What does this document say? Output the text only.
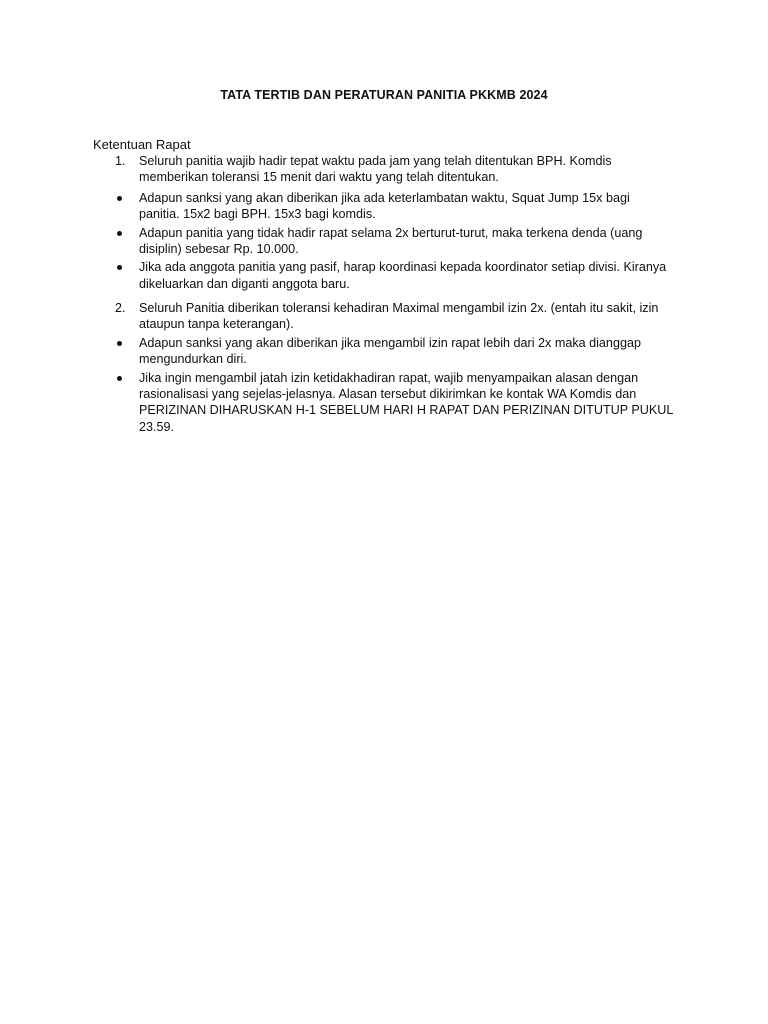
TATA TERTIB DAN PERATURAN PANITIA PKKMB 2024
Ketentuan Rapat
1.	Seluruh panitia wajib hadir tepat waktu pada jam yang telah ditentukan BPH. Komdis memberikan toleransi 15 menit dari waktu yang telah ditentukan.
Adapun sanksi yang akan diberikan jika ada keterlambatan waktu, Squat Jump 15x bagi panitia. 15x2 bagi BPH. 15x3 bagi komdis.
Adapun panitia yang tidak hadir rapat selama 2x berturut-turut, maka terkena denda (uang disiplin) sebesar Rp. 10.000.
Jika ada anggota panitia yang pasif, harap koordinasi kepada koordinator setiap divisi. Kiranya dikeluarkan dan diganti anggota baru.
2.	Seluruh Panitia diberikan toleransi kehadiran Maximal mengambil izin 2x. (entah itu sakit, izin ataupun tanpa keterangan).
Adapun sanksi yang akan diberikan jika mengambil izin rapat lebih dari 2x maka dianggap mengundurkan diri.
Jika ingin mengambil jatah izin ketidakhadiran rapat, wajib menyampaikan alasan dengan rasionalisasi yang sejelas-jelasnya. Alasan tersebut dikirimkan ke kontak WA Komdis dan PERIZINAN DIHARUSKAN H-1 SEBELUM HARI H RAPAT DAN PERIZINAN DITUTUP PUKUL 23.59.
